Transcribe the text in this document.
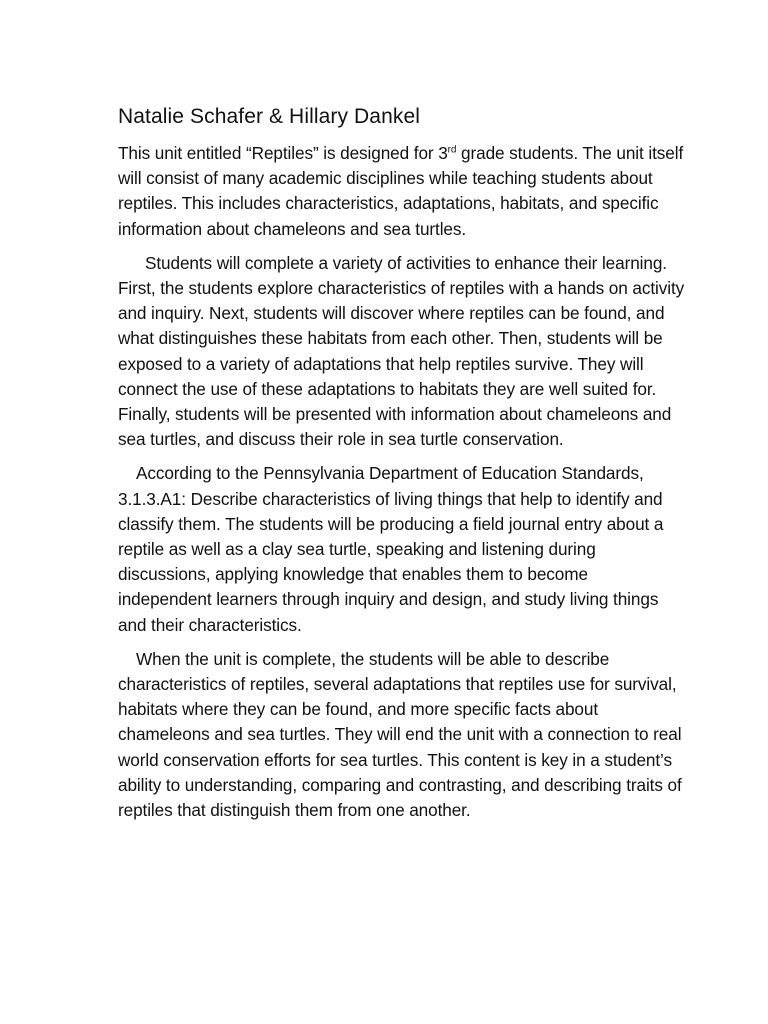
Natalie Schafer & Hillary Dankel

This unit entitled “Reptiles” is designed for 3rd grade students. The unit itself will consist of many academic disciplines while teaching students about reptiles. This includes characteristics, adaptations, habitats, and specific information about chameleons and sea turtles.

Students will complete a variety of activities to enhance their learning. First, the students explore characteristics of reptiles with a hands on activity and inquiry. Next, students will discover where reptiles can be found, and what distinguishes these habitats from each other. Then, students will be exposed to a variety of adaptations that help reptiles survive. They will connect the use of these adaptations to habitats they are well suited for. Finally, students will be presented with information about chameleons and sea turtles, and discuss their role in sea turtle conservation.

According to the Pennsylvania Department of Education Standards, 3.1.3.A1: Describe characteristics of living things that help to identify and classify them. The students will be producing a field journal entry about a reptile as well as a clay sea turtle, speaking and listening during discussions, applying knowledge that enables them to become independent learners through inquiry and design, and study living things and their characteristics.

When the unit is complete, the students will be able to describe characteristics of reptiles, several adaptations that reptiles use for survival, habitats where they can be found, and more specific facts about chameleons and sea turtles. They will end the unit with a connection to real world conservation efforts for sea turtles. This content is key in a student’s ability to understanding, comparing and contrasting, and describing traits of reptiles that distinguish them from one another.
